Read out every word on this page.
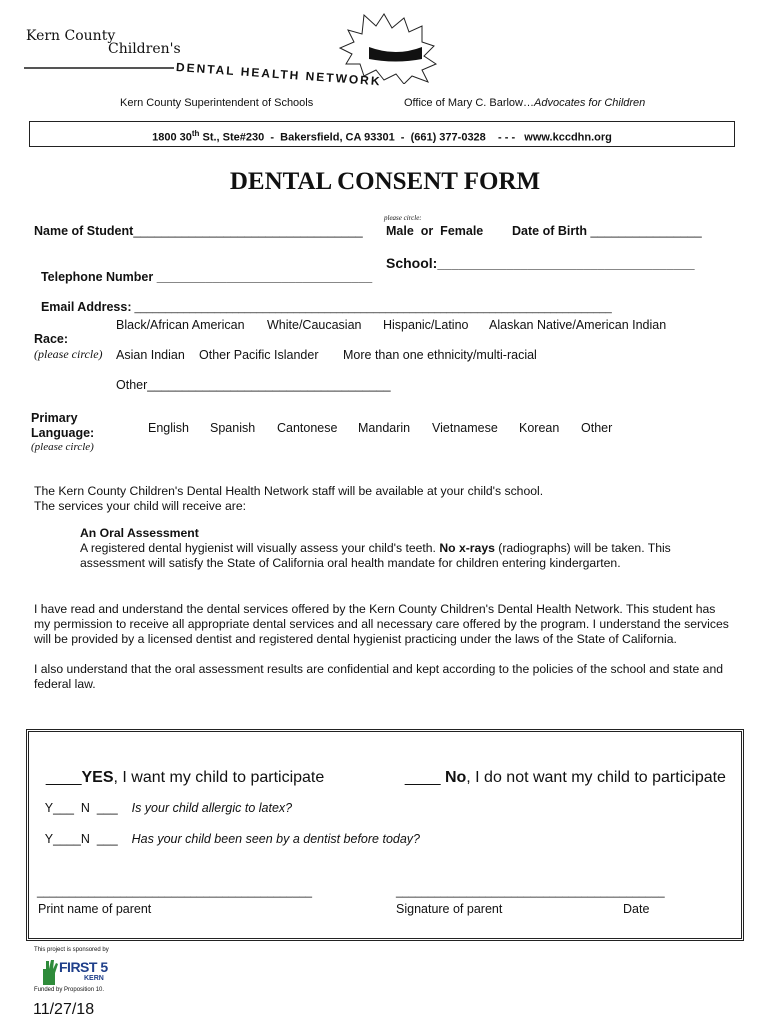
Kern County
Children's
DENTAL HEALTH NETWORK
Kern County Superintendent of Schools	Office of Mary C. Barlow…Advocates for Children
1800 30th St., Ste#230  -  Bakersfield, CA 93301  -  (661) 377-0328    - - -   www.kccdhn.org
DENTAL CONSENT FORM
please circle:
Name of Student_________________________________ Male  or  Female Date of Birth ________________

Telephone Number _______________________________

School:_____________________________________

Email Address: ______________________________________________________________________________

Race:
(please circle)
Black/African American White/Caucasian Hispanic/Latino Alaskan Native/American Indian
Asian Indian Other Pacific Islander More than one ethnicity/multi-racial
Other___________________________________
Primary
Language:
(please circle)
English Spanish Cantonese Mandarin Vietnamese Korean Other

The Kern County Children's Dental Health Network staff will be available at your child's school.

The services your child will receive are:

An Oral Assessment

A registered dental hygienist will visually assess your child's teeth. No x-rays (radiographs) will be taken. This assessment will satisfy the State of California oral health mandate for children entering kindergarten.

I have read and understand the dental services offered by the Kern County Children's Dental Health Network. This student has my permission to receive all appropriate dental services and all necessary care offered by the program. I understand the services will be provided by a licensed dentist and registered dental hygienist practicing under the laws of the State of California.

I also understand that the oral assessment results are confidential and kept according to the policies of the school and state and federal law.

____YES, I want my child to participate	____ No, I do not want my child to participate

Y___  N  ___ Is your child allergic to latex?

Y____N  ___ Has your child been seen by a dentist before today?

___________________________________________
Print name of parent
__________________________________________
Signature of parent	Date
This project is sponsored by
FIRST 5
KERN
Funded by Proposition 10.
11/27/18
